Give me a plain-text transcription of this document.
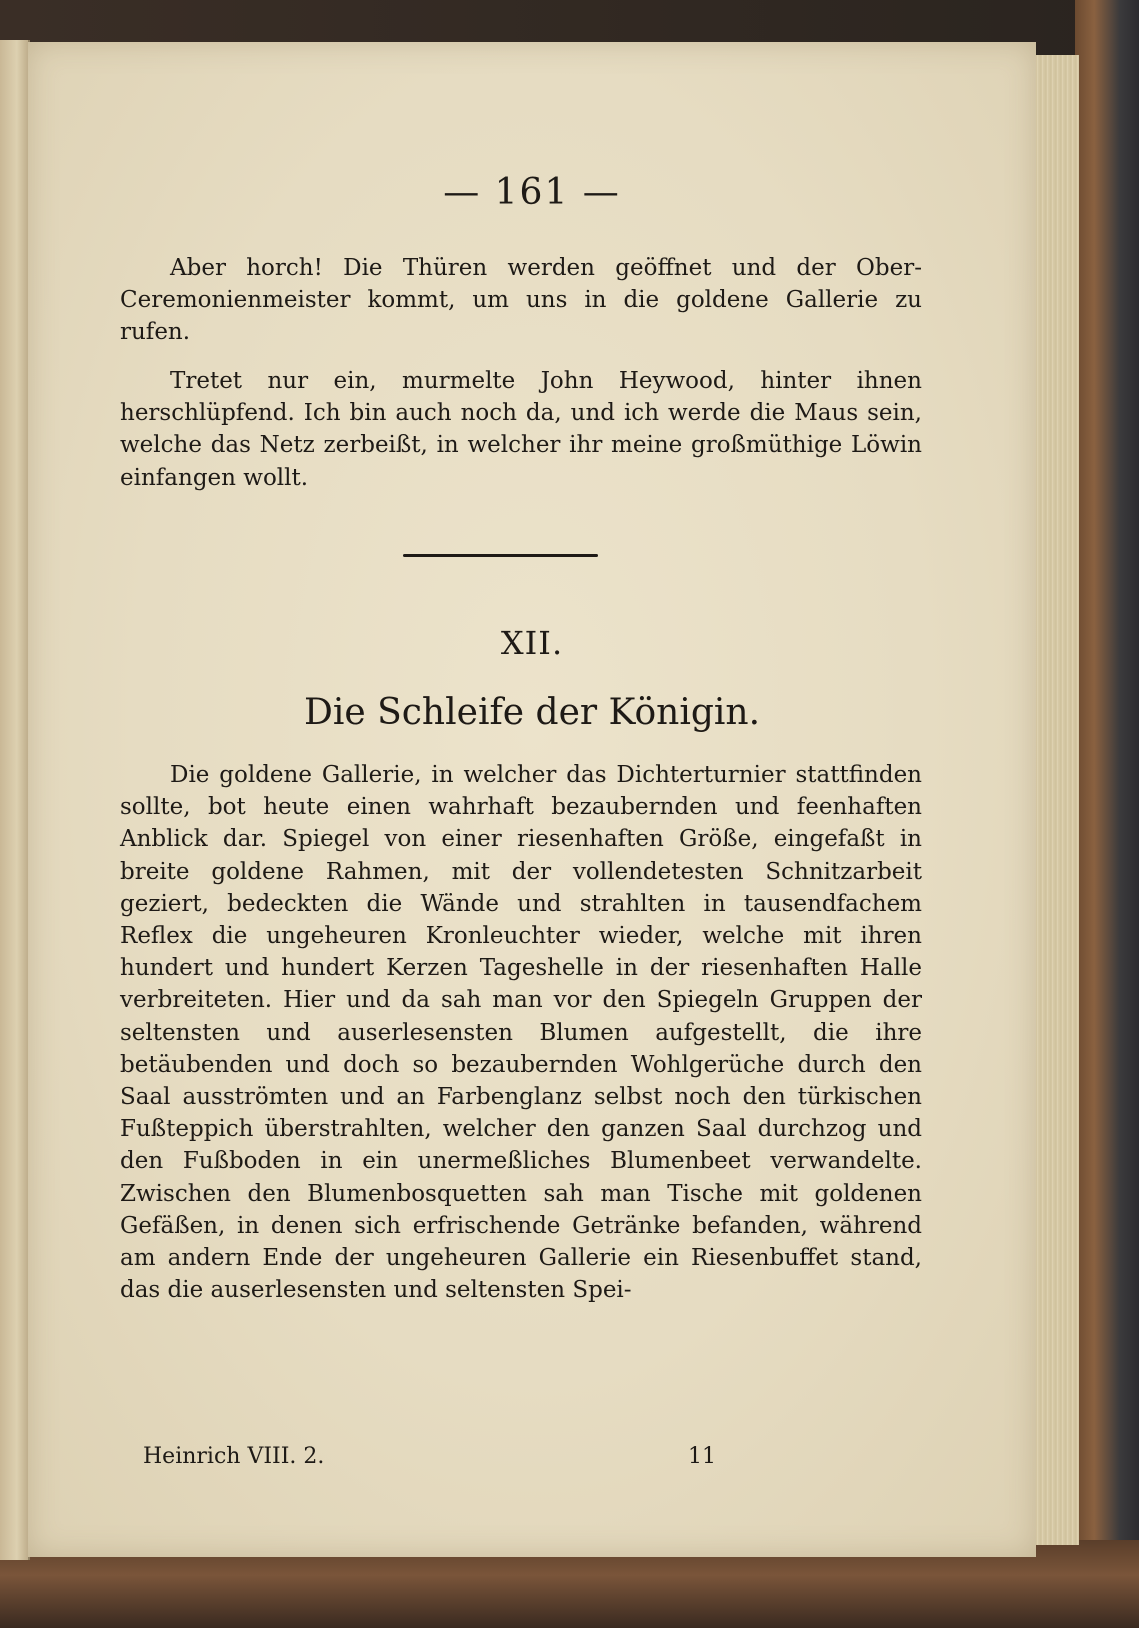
— 161 —

Aber horch! Die Thüren werden geöffnet und der Ober-Ceremonienmeister kommt, um uns in die goldene Gallerie zu rufen.

Tretet nur ein, murmelte John Heywood, hinter ihnen herschlüpfend. Ich bin auch noch da, und ich werde die Maus sein, welche das Netz zerbeißt, in welcher ihr meine großmüthige Löwin einfangen wollt.

XII.
Die Schleife der Königin.

Die goldene Gallerie, in welcher das Dichterturnier stattfinden sollte, bot heute einen wahrhaft bezaubernden und feenhaften Anblick dar. Spiegel von einer riesenhaften Größe, eingefaßt in breite goldene Rahmen, mit der vollendetesten Schnitzarbeit geziert, bedeckten die Wände und strahlten in tausendfachem Reflex die ungeheuren Kronleuchter wieder, welche mit ihren hundert und hundert Kerzen Tageshelle in der riesenhaften Halle verbreiteten. Hier und da sah man vor den Spiegeln Gruppen der seltensten und auserlesensten Blumen aufgestellt, die ihre betäubenden und doch so bezaubernden Wohlgerüche durch den Saal ausströmten und an Farbenglanz selbst noch den türkischen Fußteppich überstrahlten, welcher den ganzen Saal durchzog und den Fußboden in ein unermeßliches Blumenbeet verwandelte. Zwischen den Blumenbosquetten sah man Tische mit goldenen Gefäßen, in denen sich erfrischende Getränke befanden, während am andern Ende der ungeheuren Gallerie ein Riesenbuffet stand, das die auserlesensten und seltensten Spei-

Heinrich VIII. 2.	11
